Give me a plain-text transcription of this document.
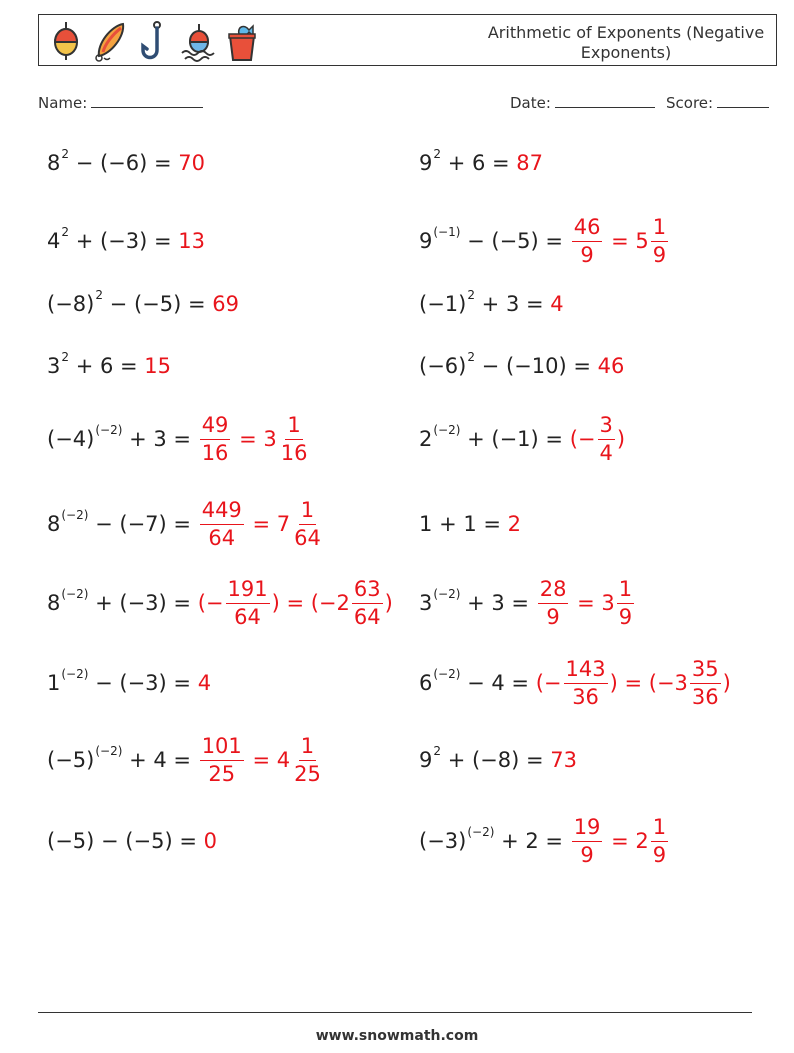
Arithmetic of Exponents (Negative Exponents)
Name:	Date:	Score:
$8^2$
− (−6) =
70
$4^2$
+ (−3) =
13
$(-8)^2$
− (−5) =
69
$3^2$
+ 6 =
15
$(-4)^{(-2)}$
+ 3 =
$\frac{49}{16} = 3 \frac{1}{16}$
$8^{(-2)}$
− (−7) =
$\frac{449}{64} = 7 \frac{1}{64}$
$8^{(-2)}$
+ (−3) =
(− $\frac{191}{64}$ ) = (− $2 \frac{63}{64}$ )
$1^{(-2)}$
− (−3) =
4
$(-5)^{(-2)}$
+ 4 =
$\frac{101}{25} = 4 \frac{1}{25}$
(−5)
− (−5) =
0
$9^2$
+ 6 =
87
$9^{(-1)}$
− (−5) =
$\frac{46}{9} = 5 \frac{1}{9}$
$(-1)^2$
+ 3 =
4
$(-6)^2$
− (−10) =
46
$2^{(-2)}$
+ (−1) =
(− $\frac{3}{4}$ )
1
+ 1 =
2
$3^{(-2)}$
+ 3 =
$\frac{28}{9} = 3 \frac{1}{9}$
$6^{(-2)}$
− 4 =
(− $\frac{143}{36}$ ) = (− $3 \frac{35}{36}$ )
$9^2$
+ (−8) =
73
$(-3)^{(-2)}$
+ 2 =
$\frac{19}{9} = 2 \frac{1}{9}$
www.snowmath.com
